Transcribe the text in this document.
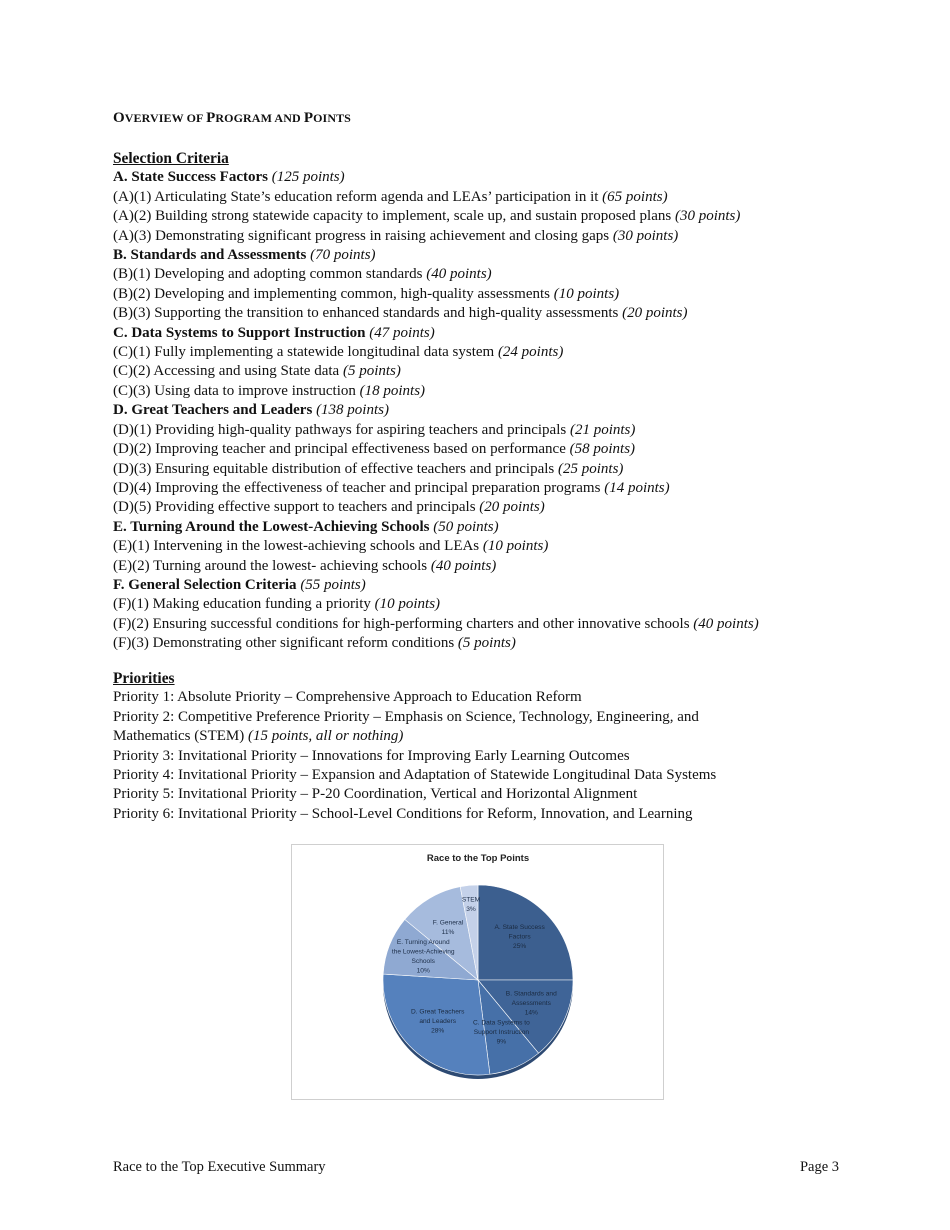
OVERVIEW OF PROGRAM AND POINTS
Selection Criteria
A. State Success Factors (125 points)
(A)(1) Articulating State’s education reform agenda and LEAs’ participation in it (65 points)
(A)(2) Building strong statewide capacity to implement, scale up, and sustain proposed plans (30 points)
(A)(3) Demonstrating significant progress in raising achievement and closing gaps (30 points)
B. Standards and Assessments (70 points)
(B)(1) Developing and adopting common standards (40 points)
(B)(2) Developing and implementing common, high-quality assessments (10 points)
(B)(3) Supporting the transition to enhanced standards and high-quality assessments (20 points)
C. Data Systems to Support Instruction (47 points)
(C)(1) Fully implementing a statewide longitudinal data system (24 points)
(C)(2) Accessing and using State data (5 points)
(C)(3) Using data to improve instruction (18 points)
D. Great Teachers and Leaders (138 points)
(D)(1) Providing high-quality pathways for aspiring teachers and principals (21 points)
(D)(2) Improving teacher and principal effectiveness based on performance (58 points)
(D)(3) Ensuring equitable distribution of effective teachers and principals (25 points)
(D)(4) Improving the effectiveness of teacher and principal preparation programs (14 points)
(D)(5) Providing effective support to teachers and principals (20 points)
E. Turning Around the Lowest-Achieving Schools (50 points)
(E)(1) Intervening in the lowest-achieving schools and LEAs (10 points)
(E)(2) Turning around the lowest- achieving schools (40 points)
F. General Selection Criteria (55 points)
(F)(1) Making education funding a priority (10 points)
(F)(2) Ensuring successful conditions for high-performing charters and other innovative schools (40 points)
(F)(3) Demonstrating other significant reform conditions (5 points)
Priorities
Priority 1: Absolute Priority – Comprehensive Approach to Education Reform
Priority 2: Competitive Preference Priority – Emphasis on Science, Technology, Engineering, and
Mathematics (STEM) (15 points, all or nothing)
Priority 3: Invitational Priority – Innovations for Improving Early Learning Outcomes
Priority 4: Invitational Priority – Expansion and Adaptation of Statewide Longitudinal Data Systems
Priority 5: Invitational Priority – P-20 Coordination, Vertical and Horizontal Alignment
Priority 6: Invitational Priority – School-Level Conditions for Reform, Innovation, and Learning
Race to the Top Points
A. State Success Factors 25%
B. Standards and Assessments 14%
C. Data Systems to Support Instruction 9%
D. Great Teachers and Leaders 28%
E. Turning Around the Lowest-Achieving Schools 10%
F. General 11%
STEM 3%
Race to the Top Executive Summary	Page 3
